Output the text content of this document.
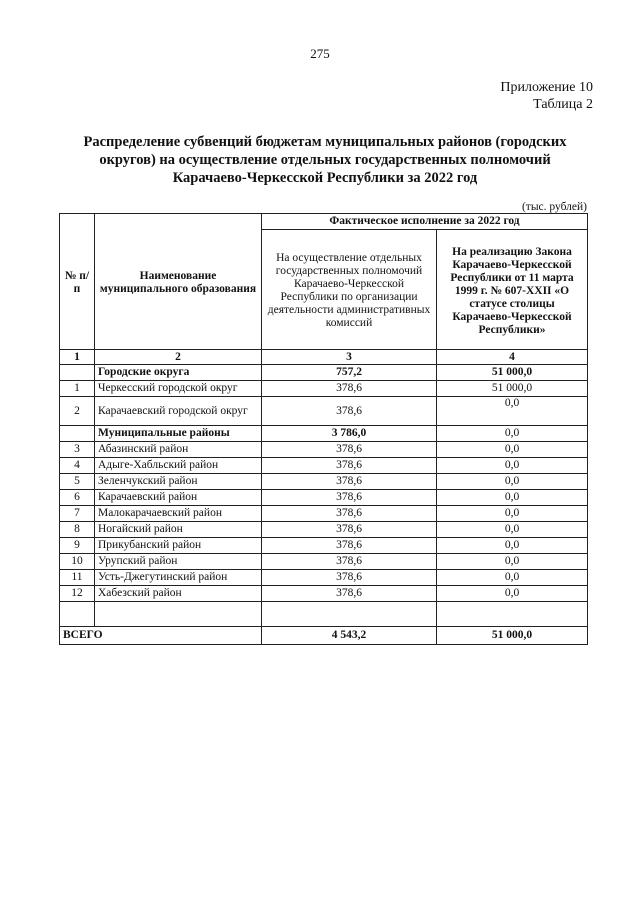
275
Приложение 10
Таблица 2
Распределение субвенций бюджетам муниципальных районов (городских
округов) на осуществление отдельных государственных полномочий
Карачаево-Черкесской Республики за 2022 год
(тыс. рублей)
№ п/п	Наименование муниципального образования	Фактическое исполнение за 2022 год	
		На осуществление отдельных государственных полномочий Карачаево-Черкесской Республики по организации деятельности административных комиссий	На реализацию Закона Карачаево-Черкесской Республики от 11 марта 1999 г. № 607-XXII «О статусе столицы Карачаево-Черкесской Республики»
1	2	3	4
	Городские округа	757,2	51 000,0
1	Черкесский городской округ	378,6	51 000,0
2	Карачаевский городской округ	378,6	0,0
	Муниципальные районы	3 786,0	0,0
3	Абазинский район	378,6	0,0
4	Адыге-Хабльский район	378,6	0,0
5	Зеленчукский район	378,6	0,0
6	Карачаевский район	378,6	0,0
7	Малокарачаевский район	378,6	0,0
8	Ногайский район	378,6	0,0
9	Прикубанский район	378,6	0,0
10	Урупский район	378,6	0,0
11	Усть-Джегутинский район	378,6	0,0
12	Хабезский район	378,6	0,0

ВСЕГО		4 543,2	51 000,0
